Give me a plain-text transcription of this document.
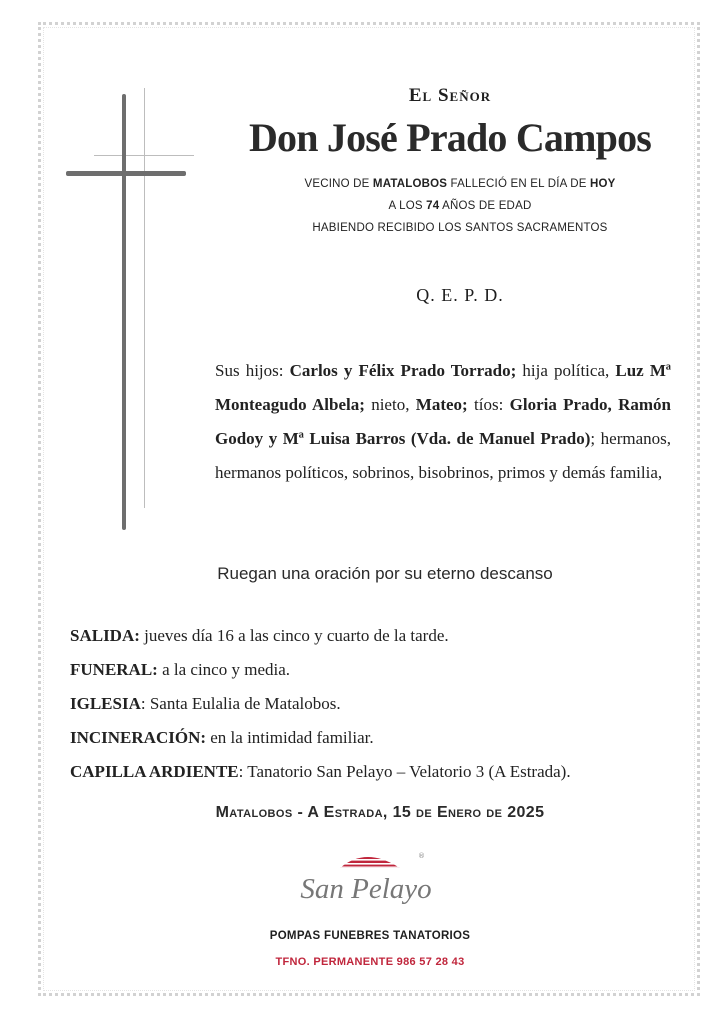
El Señor
Don José Prado Campos
VECINO DE MATALOBOS FALLECIÓ EN EL DÍA DE HOY
A LOS 74 AÑOS DE EDAD
HABIENDO RECIBIDO LOS SANTOS SACRAMENTOS
Q. E. P. D.
Sus hijos: Carlos y Félix Prado Torrado; hija política, Luz Mª Monteagudo Albela; nieto, Mateo; tíos: Gloria Prado, Ramón Godoy y Mª Luisa Barros (Vda. de Manuel Prado); hermanos, hermanos políticos, sobrinos, bisobrinos, primos y demás familia,
Ruegan una oración por su eterno descanso
SALIDA: jueves día 16 a las cinco y cuarto de la tarde.
FUNERAL: a la cinco y media.
IGLESIA: Santa Eulalia de Matalobos.
INCINERACIÓN: en la intimidad familiar.
CAPILLA ARDIENTE: Tanatorio San Pelayo – Velatorio 3 (A Estrada).
Matalobos - A Estrada, 15 de Enero de 2025
®
San Pelayo
POMPAS FUNEBRES TANATORIOS
TFNO. PERMANENTE 986 57 28 43
